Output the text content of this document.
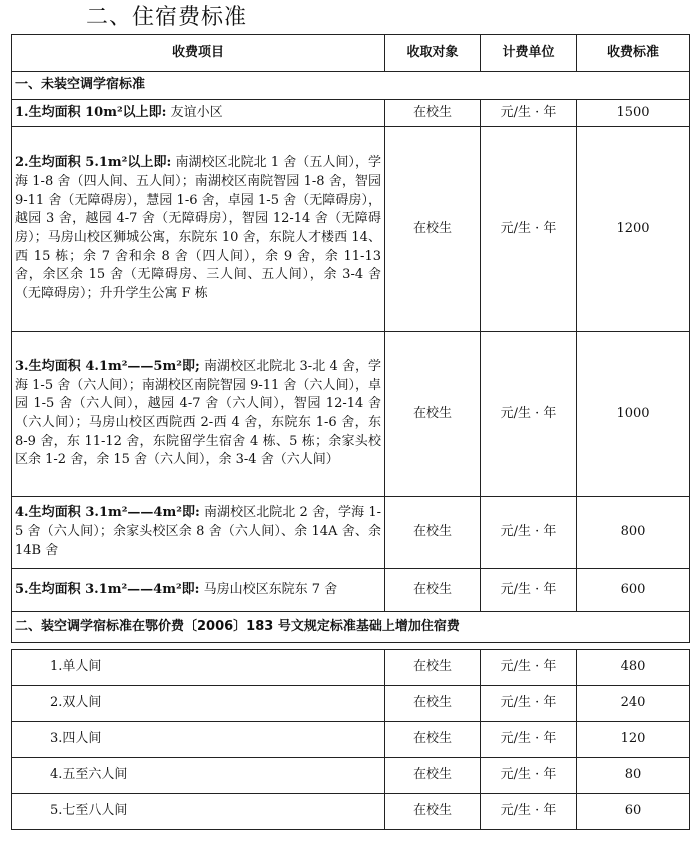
二、住宿费标准
收费项目	收取对象	计费单位	收费标准
一、未装空调学宿标准			
1.生均面积 10m²以上即: 友谊小区	在校生	元/生 · 年	1500
2.生均面积 5.1m²以上即: 南湖校区北院北 1 舍（五人间），学海 1-8 舍（四人间、五人间）；南湖校区南院智园 1-8 舍，智园 9-11 舍（无障碍房），慧园 1-6 舍，卓园 1-5 舍（无障碍房），越园 3 舍，越园 4-7 舍（无障碍房），智园 12-14 舍（无障碍房）；马房山校区狮城公寓，东院东 10 舍，东院人才楼西 14、西 15 栋；余 7 舍和余 8 舍（四人间），余 9 舍，余 11-13 舍，余区余 15 舍（无障碍房、三人间、五人间），余 3-4 舍（无障碍房）；升升学生公寓 F 栋	在校生	元/生 · 年	1200
3.生均面积 4.1m²——5m²即; 南湖校区北院北 3-北 4 舍，学海 1-5 舍（六人间）；南湖校区南院智园 9-11 舍（六人间），卓园 1-5 舍（六人间），越园 4-7 舍（六人间），智园 12-14 舍（六人间）；马房山校区西院西 2-西 4 舍，东院东 1-6 舍，东 8-9 舍，东 11-12 舍，东院留学生宿舍 4 栋、5 栋；余家头校区余 1-2 舍，余 15 舍（六人间），余 3-4 舍（六人间）	在校生	元/生 · 年	1000
4.生均面积 3.1m²——4m²即: 南湖校区北院北 2 舍，学海 1-5 舍（六人间）；余家头校区余 8 舍（六人间）、余 14A 舍、余 14B 舍	在校生	元/生 · 年	800
5.生均面积 3.1m²——4m²即: 马房山校区东院东 7 舍	在校生	元/生 · 年	600
二、装空调学宿标准在鄂价费〔2006〕183 号文规定标准基础上增加住宿费			

1.单人间	在校生	元/生 · 年	480
2.双人间	在校生	元/生 · 年	240
3.四人间	在校生	元/生 · 年	120
4.五至六人间	在校生	元/生 · 年	80
5.七至八人间	在校生	元/生 · 年	60
